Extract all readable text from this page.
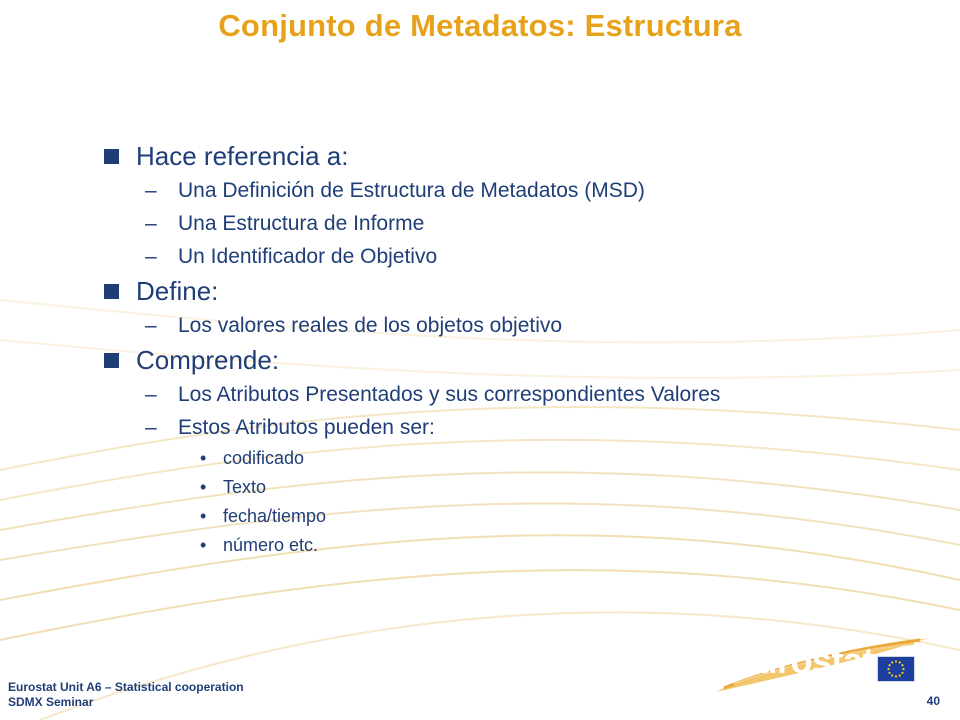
Conjunto de Metadatos: Estructura
Hace referencia a:
–	Una Definición de Estructura de Metadatos (MSD)
–	Una Estructura de Informe
–	Un Identificador de Objetivo
Define:
–	Los valores reales de los objetos objetivo
Comprende:
–	Los Atributos Presentados y sus correspondientes Valores
–	Estos Atributos pueden ser:
• codificado
• Texto
• fecha/tiempo
• número etc.
eurostat
Eurostat Unit A6 – Statistical cooperation
SDMX Seminar	40
